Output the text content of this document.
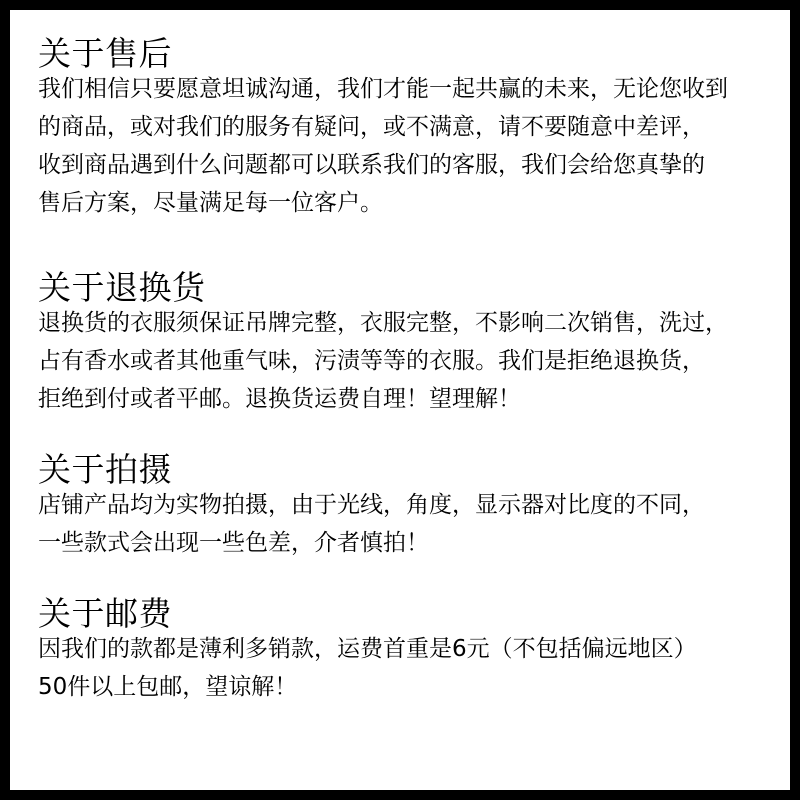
关于售后
我们相信只要愿意坦诚沟通，我们才能一起共赢的未来，无论您收到
的商品，或对我们的服务有疑问，或不满意，请不要随意中差评，
收到商品遇到什么问题都可以联系我们的客服，我们会给您真挚的
售后方案，尽量满足每一位客户。
关于退换货
退换货的衣服须保证吊牌完整，衣服完整，不影响二次销售，洗过，
占有香水或者其他重气味，污渍等等的衣服。我们是拒绝退换货，
拒绝到付或者平邮。退换货运费自理！望理解！
关于拍摄
店铺产品均为实物拍摄，由于光线，角度，显示器对比度的不同，
一些款式会出现一些色差，介者慎拍！
关于邮费
因我们的款都是薄利多销款，运费首重是6元（不包括偏远地区）
50件以上包邮，望谅解！
